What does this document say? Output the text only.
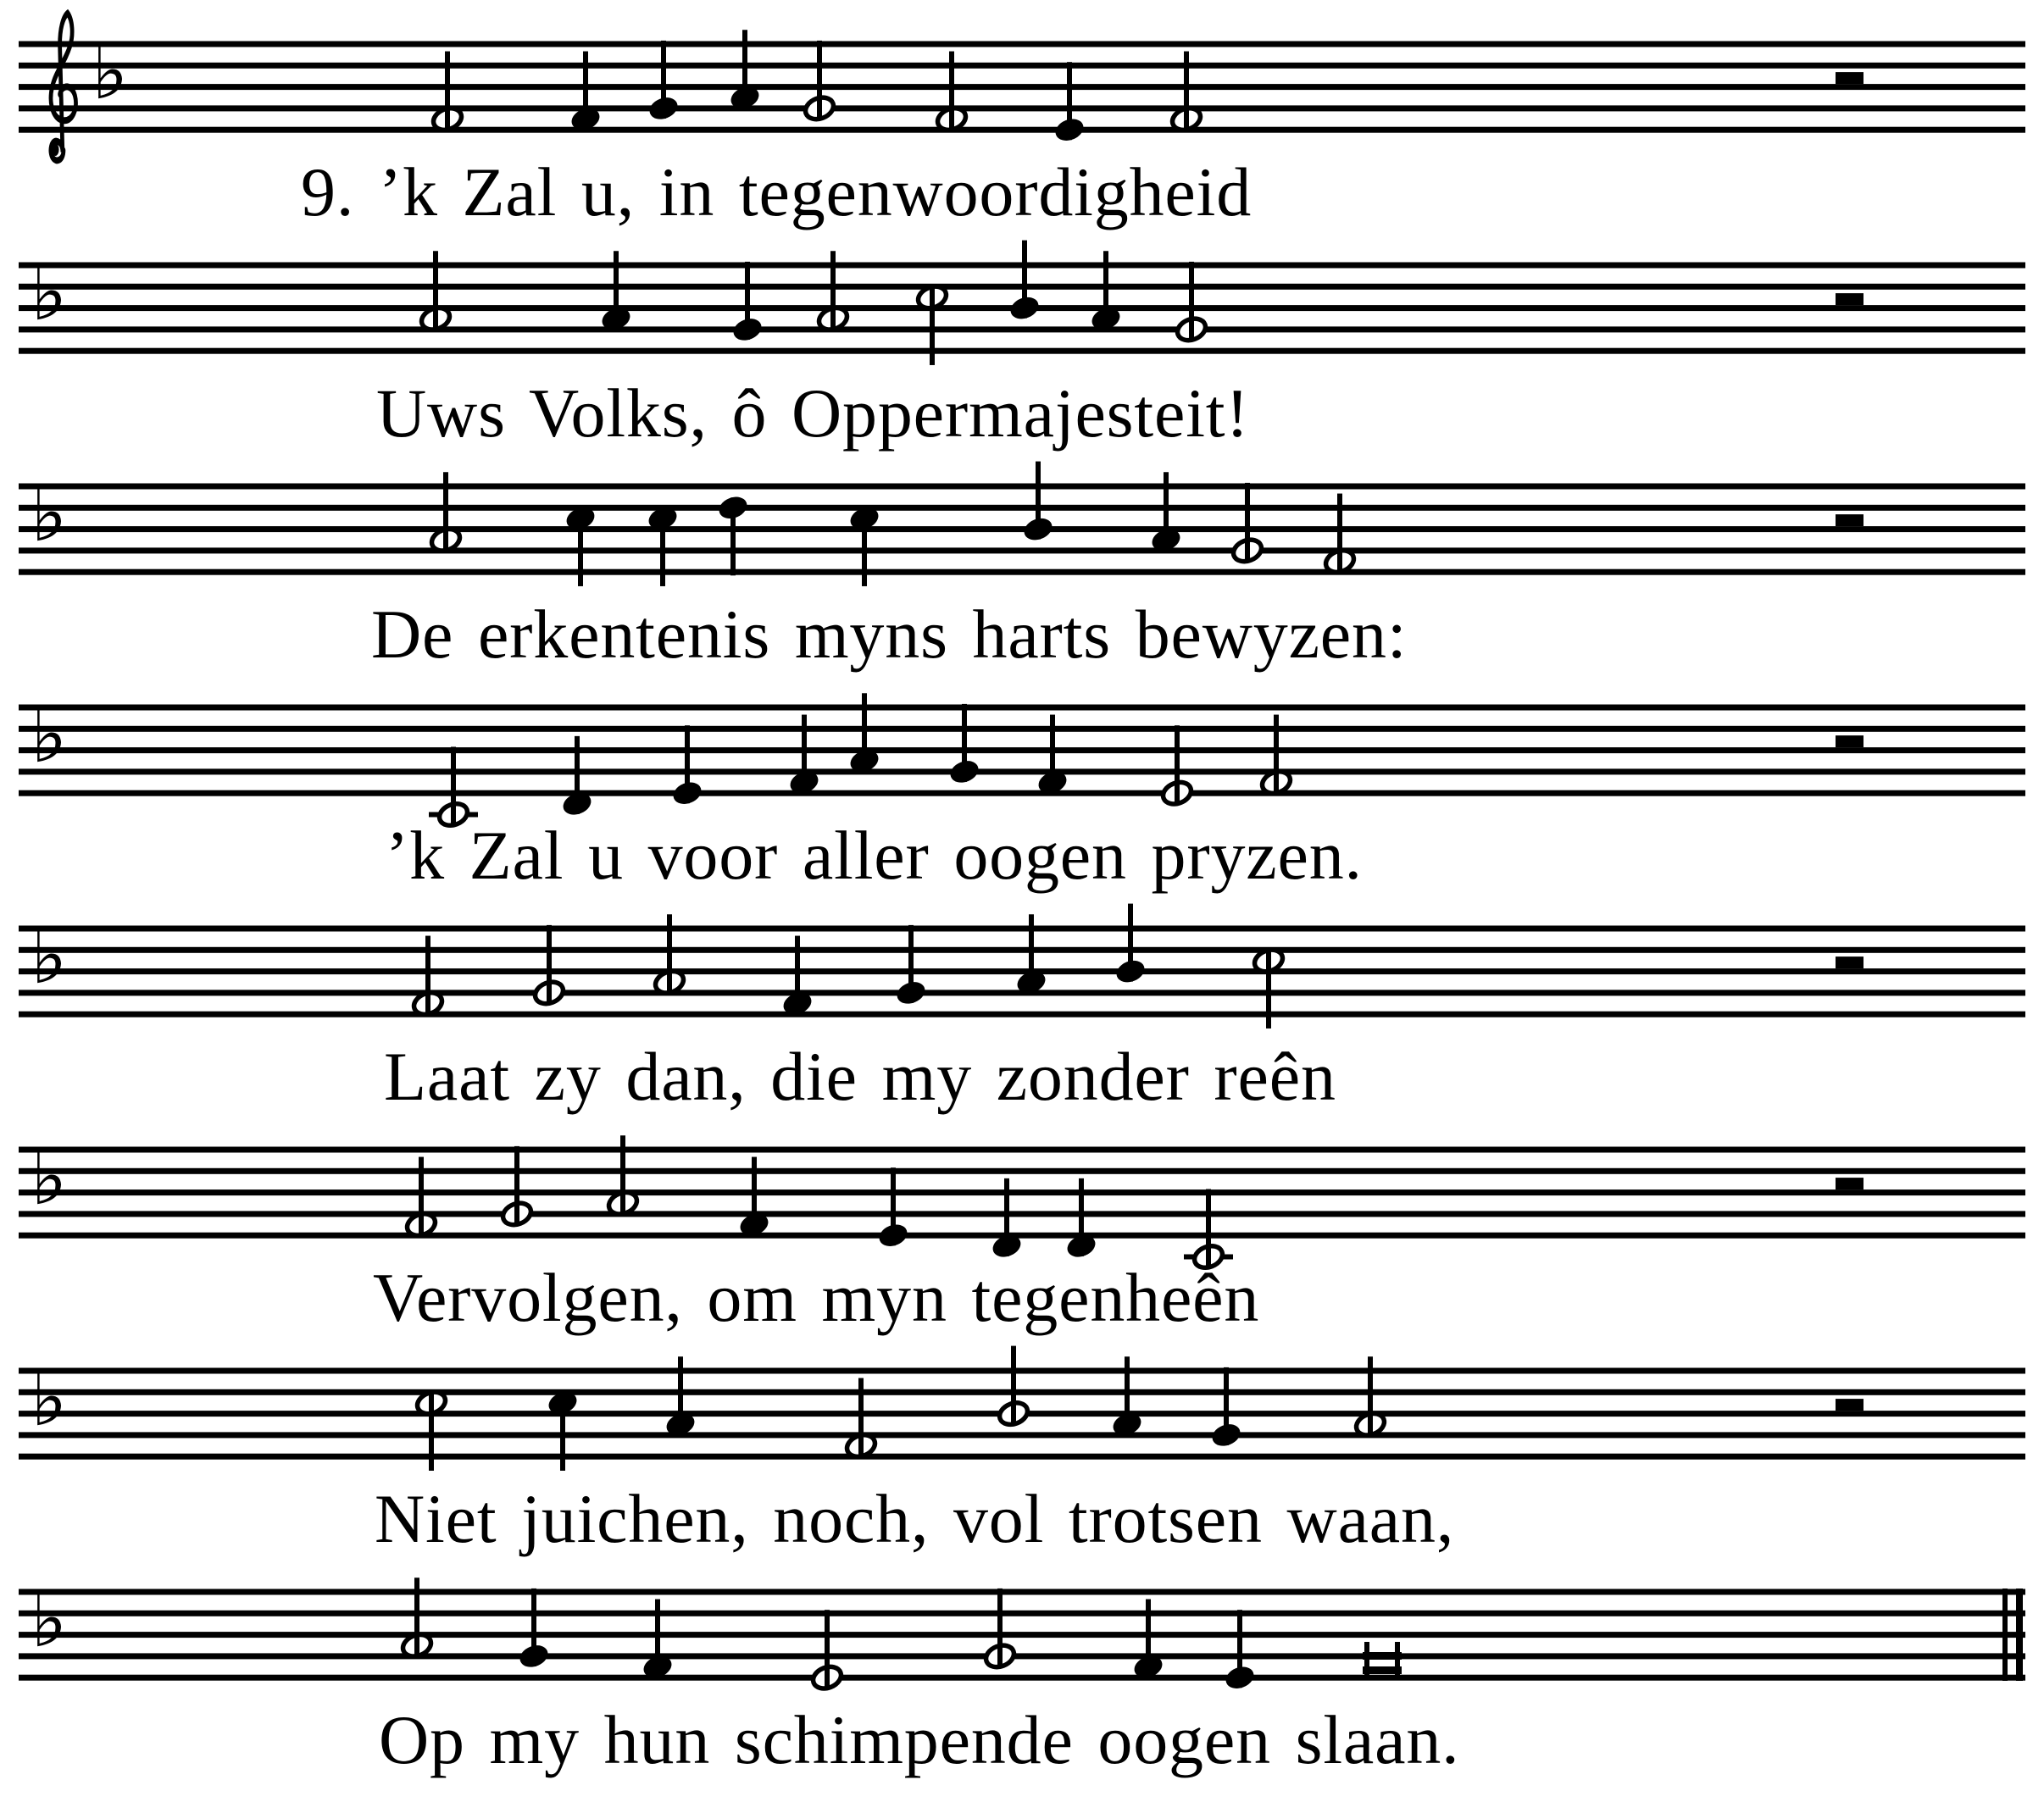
♭
♭
♭
♭
♭
♭
♭
♭
9. ’k Zal u, in tegenwoordigheid
Uws Volks, ô Oppermajesteit!
De erkentenis myns harts bewyzen:
’k Zal u voor aller oogen pryzen.
Laat zy dan, die my zonder reên
Vervolgen, om myn tegenheên
Niet juichen, noch, vol trotsen waan,
Op my hun schimpende oogen slaan.
